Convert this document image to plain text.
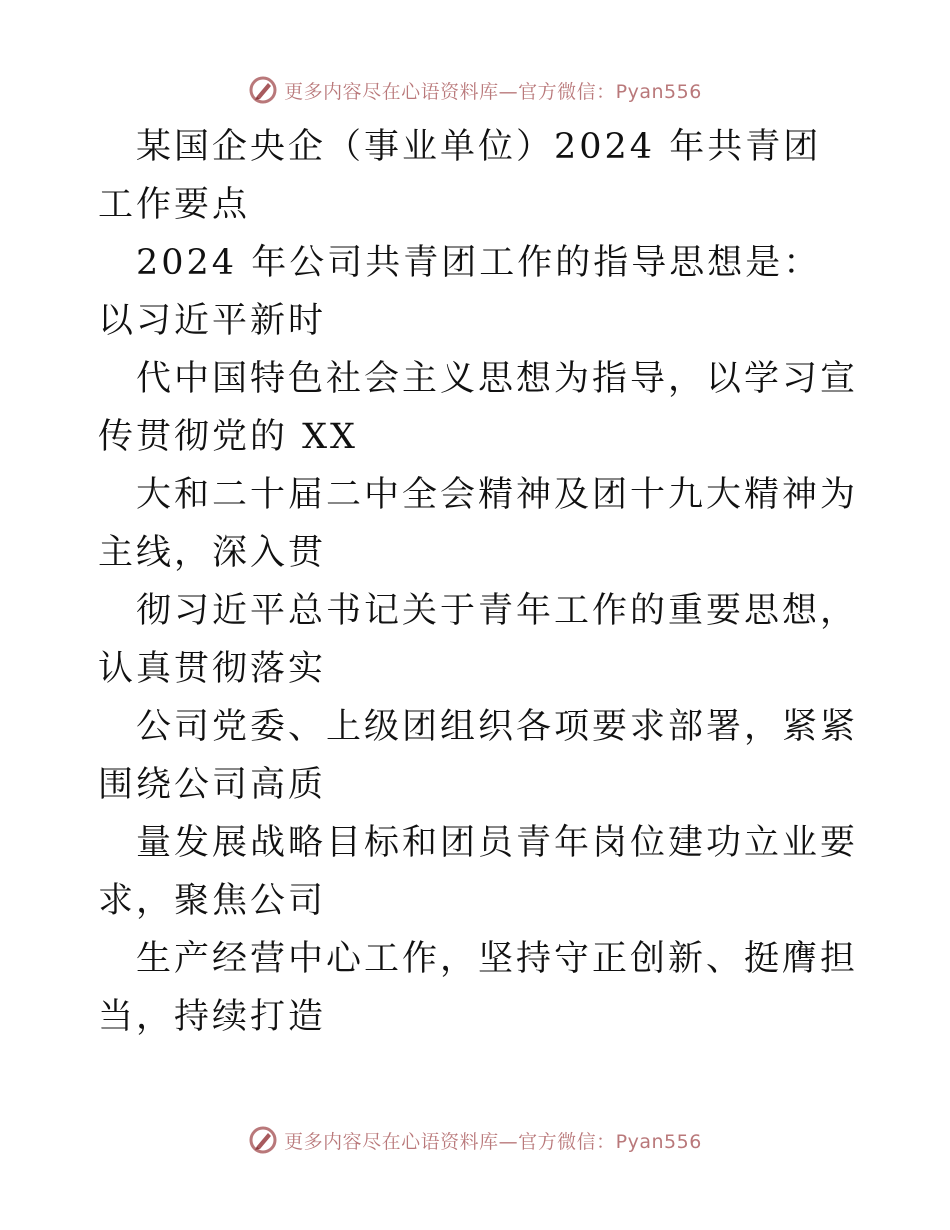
更多内容尽在心语资料库—官方微信：Pyan556

某国企央企（事业单位）2024 年共青团工作要点

2024 年公司共青团工作的指导思想是：以习近平新时

代中国特色社会主义思想为指导，以学习宣传贯彻党的 XX

大和二十届二中全会精神及团十九大精神为主线，深入贯

彻习近平总书记关于青年工作的重要思想，认真贯彻落实

公司党委、上级团组织各项要求部署，紧紧围绕公司高质

量发展战略目标和团员青年岗位建功立业要求，聚焦公司

生产经营中心工作，坚持守正创新、挺膺担当，持续打造

更多内容尽在心语资料库—官方微信：Pyan556
